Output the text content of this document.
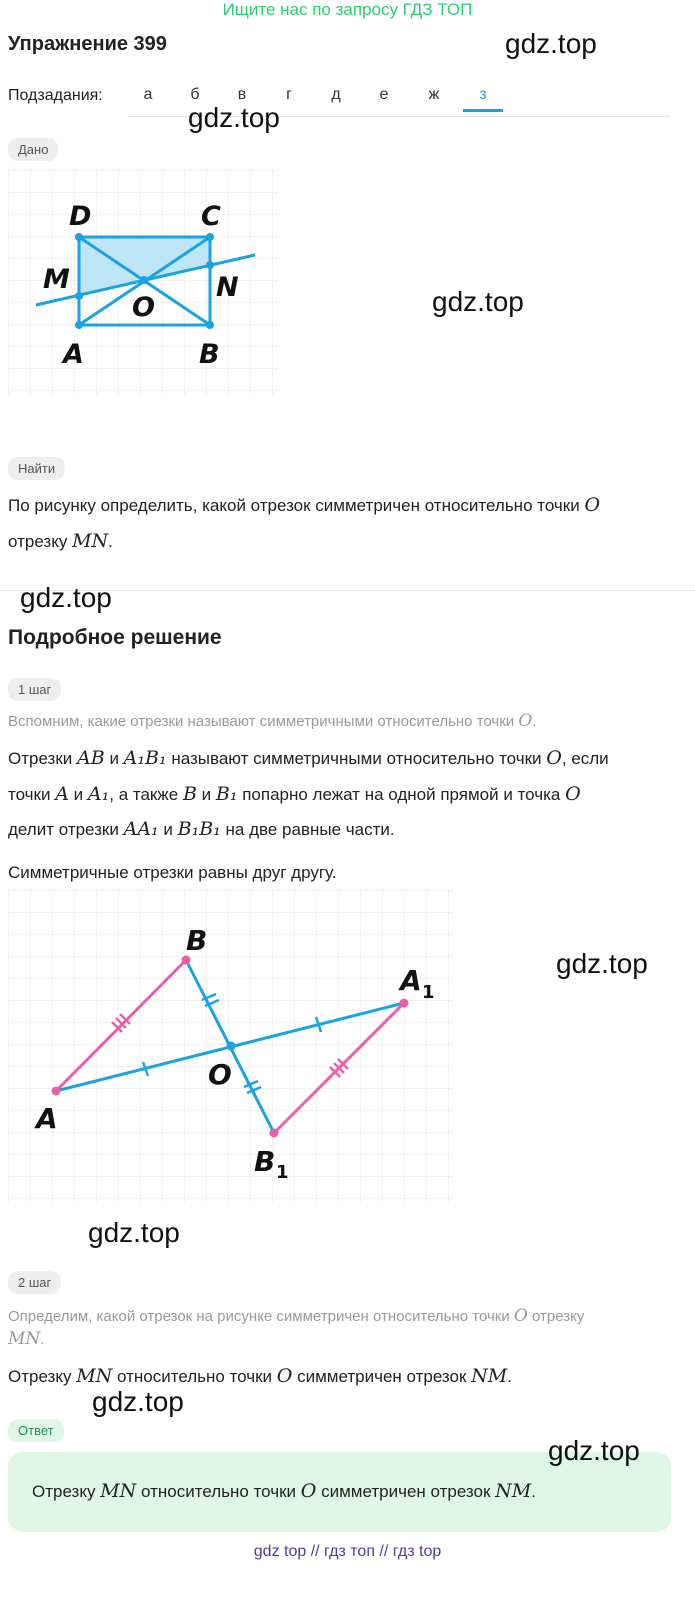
Ищите нас по запросу ГДЗ ТОП
Упражнение 399	gdz.top
Подзадания:	а	б	в	г	д	е	ж	з
gdz.top
Дано
D	C
M	N
O
A	B
gdz.top
Найти
По рисунку определить, какой отрезок симметричен относительно точки O
отрезку MN.
gdz.top
Подробное решение
1 шаг
Вспомним, какие отрезки называют симметричными относительно точки O.
Отрезки AB и A₁B₁ называют симметричными относительно точки O, если
точки A и A₁, а также B и B₁ попарно лежат на одной прямой и точка O
делит отрезки AA₁ и B₁B₁ на две равные части.
Симметричные отрезки равны друг другу.
A
B
O
A 1
B 1
gdz.top
gdz.top
2 шаг
Определим, какой отрезок на рисунке симметричен относительно точки O отрезку
MN.
Отрезку MN относительно точки O симметричен отрезок NM.
gdz.top
Ответ
gdz.top
Отрезку MN относительно точки O симметричен отрезок NM.
gdz top // гдз топ // гдз top
